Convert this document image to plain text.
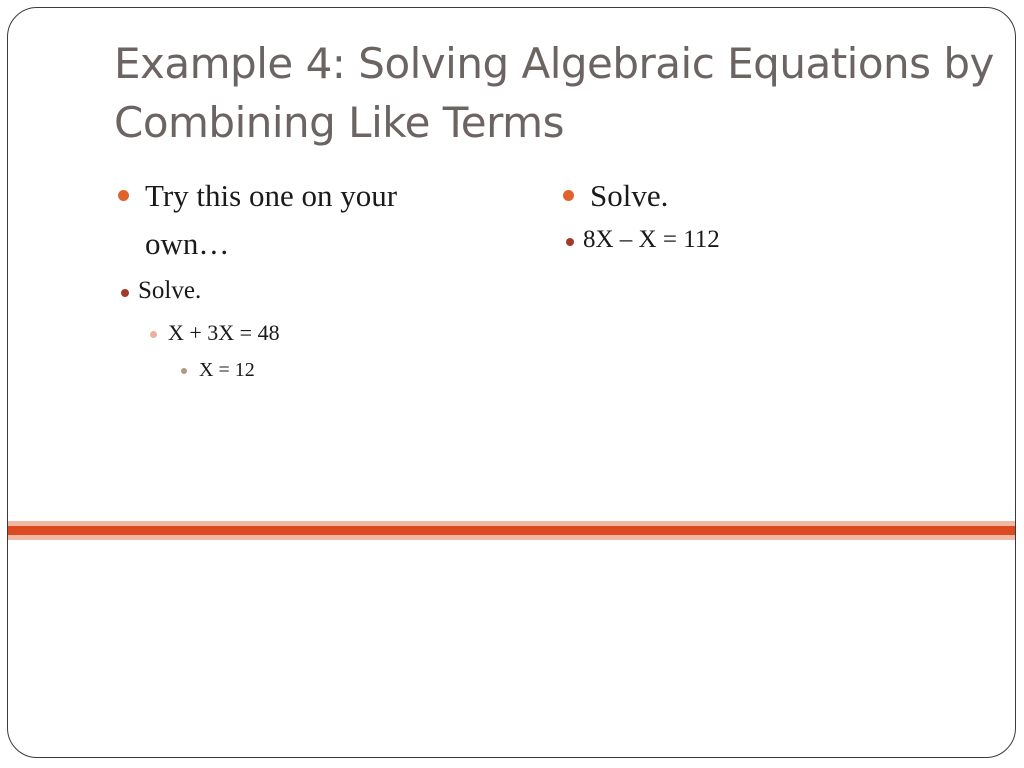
Example 4: Solving Algebraic Equations by Combining Like Terms
Try this one on your own…
Solve.
X + 3X = 48
X = 12
Solve.
8X – X = 112
